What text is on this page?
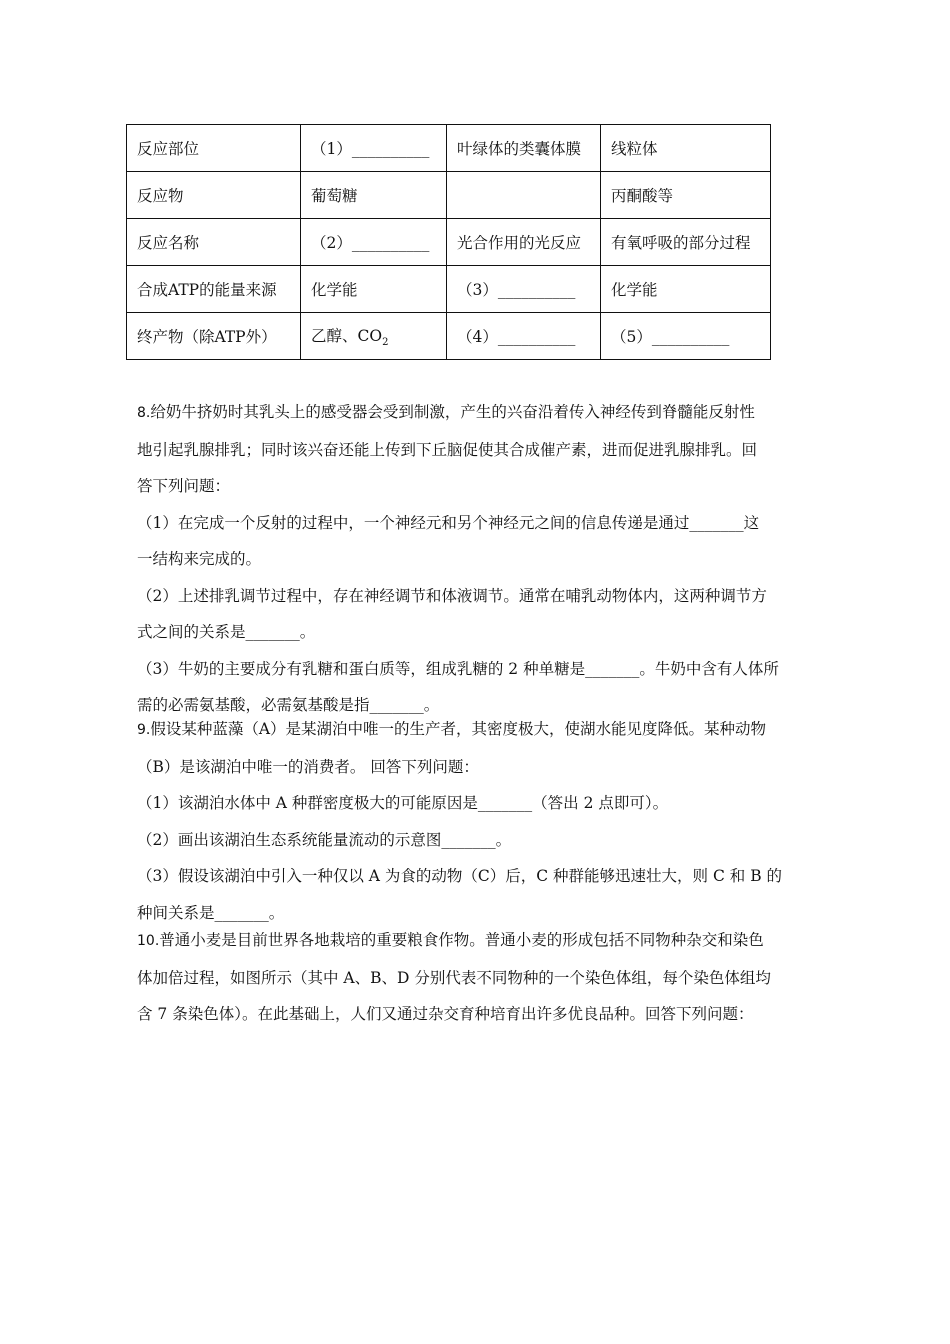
反应部位	（1）__________	叶绿体的类囊体膜	线粒体
反应物	葡萄糖		丙酮酸等
反应名称	（2）__________	光合作用的光反应	有氧呼吸的部分过程
合成ATP的能量来源	化学能	（3）__________	化学能
终产物（除ATP外）	乙醇、$CO_2$	（4）__________	（5）__________

8.给奶牛挤奶时其乳头上的感受器会受到制激，产生的兴奋沿着传入神经传到脊髓能反射性

地引起乳腺排乳；同时该兴奋还能上传到下丘脑促使其合成催产素，进而促进乳腺排乳。回

答下列问题：

（1）在完成一个反射的过程中，一个神经元和另个神经元之间的信息传递是通过_______这

一结构来完成的。

（2）上述排乳调节过程中，存在神经调节和体液调节。通常在哺乳动物体内，这两种调节方

式之间的关系是_______。

（3）牛奶的主要成分有乳糖和蛋白质等，组成乳糖的 2 种单糖是_______。牛奶中含有人体所

需的必需氨基酸，必需氨基酸是指_______。

9.假设某种蓝藻（A）是某湖泊中唯一的生产者，其密度极大，使湖水能见度降低。某种动物

（B）是该湖泊中唯一的消费者。 回答下列问题：

（1）该湖泊水体中 A 种群密度极大的可能原因是_______（答出 2 点即可）。

（2）画出该湖泊生态系统能量流动的示意图_______。

（3）假设该湖泊中引入一种仅以 A 为食的动物（C）后，C 种群能够迅速壮大，则 C 和 B 的

种间关系是_______。

10.普通小麦是目前世界各地栽培的重要粮食作物。普通小麦的形成包括不同物种杂交和染色

体加倍过程，如图所示（其中 A、B、D 分别代表不同物种的一个染色体组，每个染色体组均

含 7 条染色体）。在此基础上，人们又通过杂交育种培育出许多优良品种。回答下列问题：
